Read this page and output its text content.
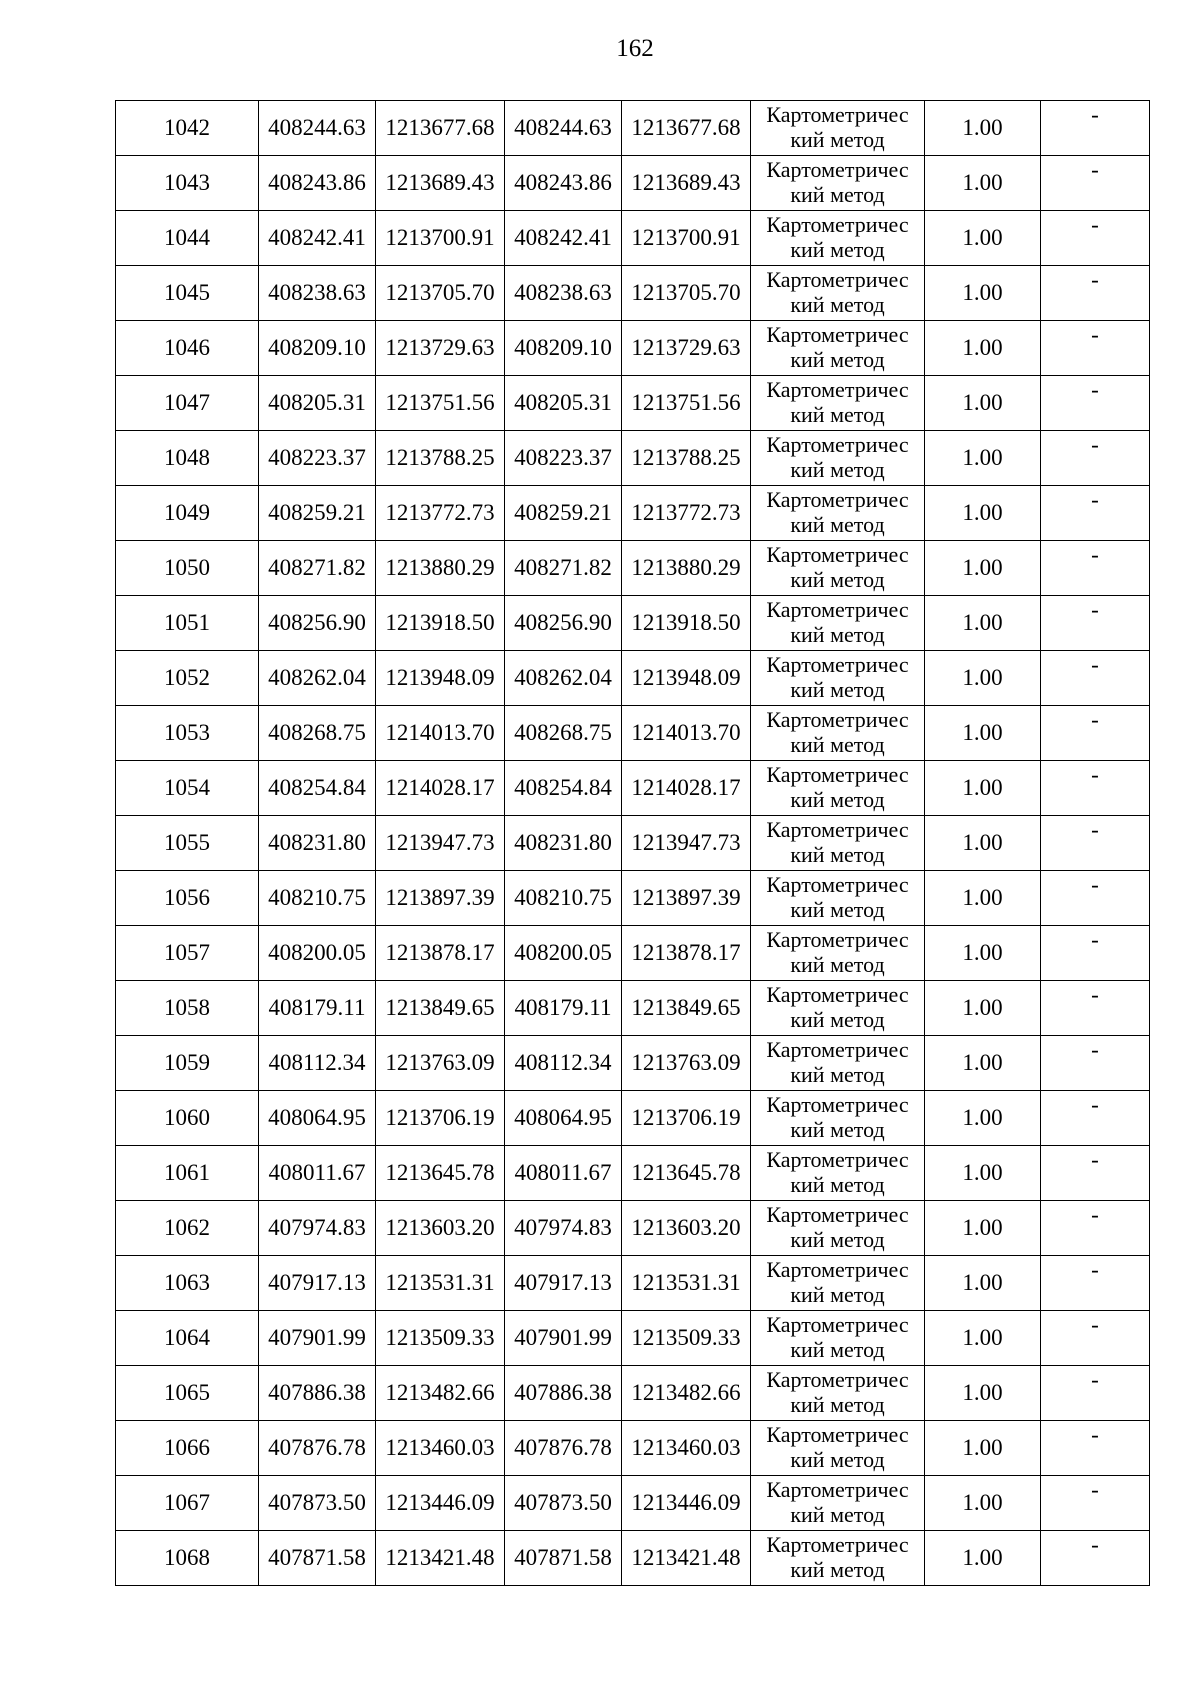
162
1042	408244.63	1213677.68	408244.63	1213677.68	Картометричес
кий метод	1.00	-
1043	408243.86	1213689.43	408243.86	1213689.43	Картометричес
кий метод	1.00	-
1044	408242.41	1213700.91	408242.41	1213700.91	Картометричес
кий метод	1.00	-
1045	408238.63	1213705.70	408238.63	1213705.70	Картометричес
кий метод	1.00	-
1046	408209.10	1213729.63	408209.10	1213729.63	Картометричес
кий метод	1.00	-
1047	408205.31	1213751.56	408205.31	1213751.56	Картометричес
кий метод	1.00	-
1048	408223.37	1213788.25	408223.37	1213788.25	Картометричес
кий метод	1.00	-
1049	408259.21	1213772.73	408259.21	1213772.73	Картометричес
кий метод	1.00	-
1050	408271.82	1213880.29	408271.82	1213880.29	Картометричес
кий метод	1.00	-
1051	408256.90	1213918.50	408256.90	1213918.50	Картометричес
кий метод	1.00	-
1052	408262.04	1213948.09	408262.04	1213948.09	Картометричес
кий метод	1.00	-
1053	408268.75	1214013.70	408268.75	1214013.70	Картометричес
кий метод	1.00	-
1054	408254.84	1214028.17	408254.84	1214028.17	Картометричес
кий метод	1.00	-
1055	408231.80	1213947.73	408231.80	1213947.73	Картометричес
кий метод	1.00	-
1056	408210.75	1213897.39	408210.75	1213897.39	Картометричес
кий метод	1.00	-
1057	408200.05	1213878.17	408200.05	1213878.17	Картометричес
кий метод	1.00	-
1058	408179.11	1213849.65	408179.11	1213849.65	Картометричес
кий метод	1.00	-
1059	408112.34	1213763.09	408112.34	1213763.09	Картометричес
кий метод	1.00	-
1060	408064.95	1213706.19	408064.95	1213706.19	Картометричес
кий метод	1.00	-
1061	408011.67	1213645.78	408011.67	1213645.78	Картометричес
кий метод	1.00	-
1062	407974.83	1213603.20	407974.83	1213603.20	Картометричес
кий метод	1.00	-
1063	407917.13	1213531.31	407917.13	1213531.31	Картометричес
кий метод	1.00	-
1064	407901.99	1213509.33	407901.99	1213509.33	Картометричес
кий метод	1.00	-
1065	407886.38	1213482.66	407886.38	1213482.66	Картометричес
кий метод	1.00	-
1066	407876.78	1213460.03	407876.78	1213460.03	Картометричес
кий метод	1.00	-
1067	407873.50	1213446.09	407873.50	1213446.09	Картометричес
кий метод	1.00	-
1068	407871.58	1213421.48	407871.58	1213421.48	Картометричес
кий метод	1.00	-
